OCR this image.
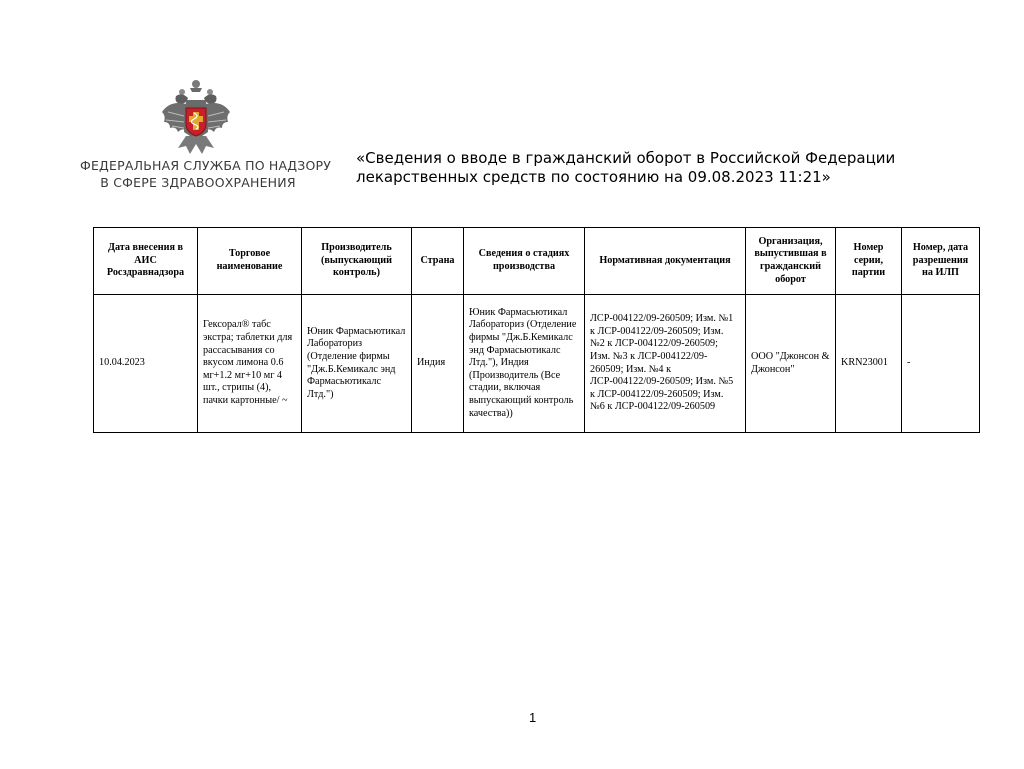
ФЕДЕРАЛЬНАЯ СЛУЖБА ПО НАДЗОРУ
В СФЕРЕ ЗДРАВООХРАНЕНИЯ
«Сведения о вводе в гражданский оборот в Российской Федерации
лекарственных средств по состоянию на 09.08.2023 11:21»
Дата внесения в АИС Росздравнадзора	Торговое наименование	Производитель (выпускающий контроль)	Страна	Сведения о стадиях производства	Нормативная документация	Организация, выпустившая в гражданский оборот	Номер серии, партии	Номер, дата разрешения на ИЛП
10.04.2023	Гексорал® табс экстра; таблетки для рассасывания со вкусом лимона 0.6 мг+1.2 мг+10 мг 4 шт., стрипы (4), пачки картонные/ ~	Юник Фармасьютикал Лабораториз (Отделение фирмы "Дж.Б.Кемикалс энд Фармасьютикалс Лтд.")	Индия	Юник Фармасьютикал Лабораториз (Отделение фирмы "Дж.Б.Кемикалс энд Фармасьютикалс Лтд."), Индия (Производитель (Все стадии, включая выпускающий контроль качества))	ЛСР-004122/09-260509; Изм. №1 к ЛСР-004122/09-260509; Изм. №2 к ЛСР-004122/09-260509; Изм. №3 к ЛСР-004122/09-260509; Изм. №4 к ЛСР-004122/09-260509; Изм. №5 к ЛСР-004122/09-260509; Изм. №6 к ЛСР-004122/09-260509	ООО "Джонсон & Джонсон"	KRN23001	-
1
